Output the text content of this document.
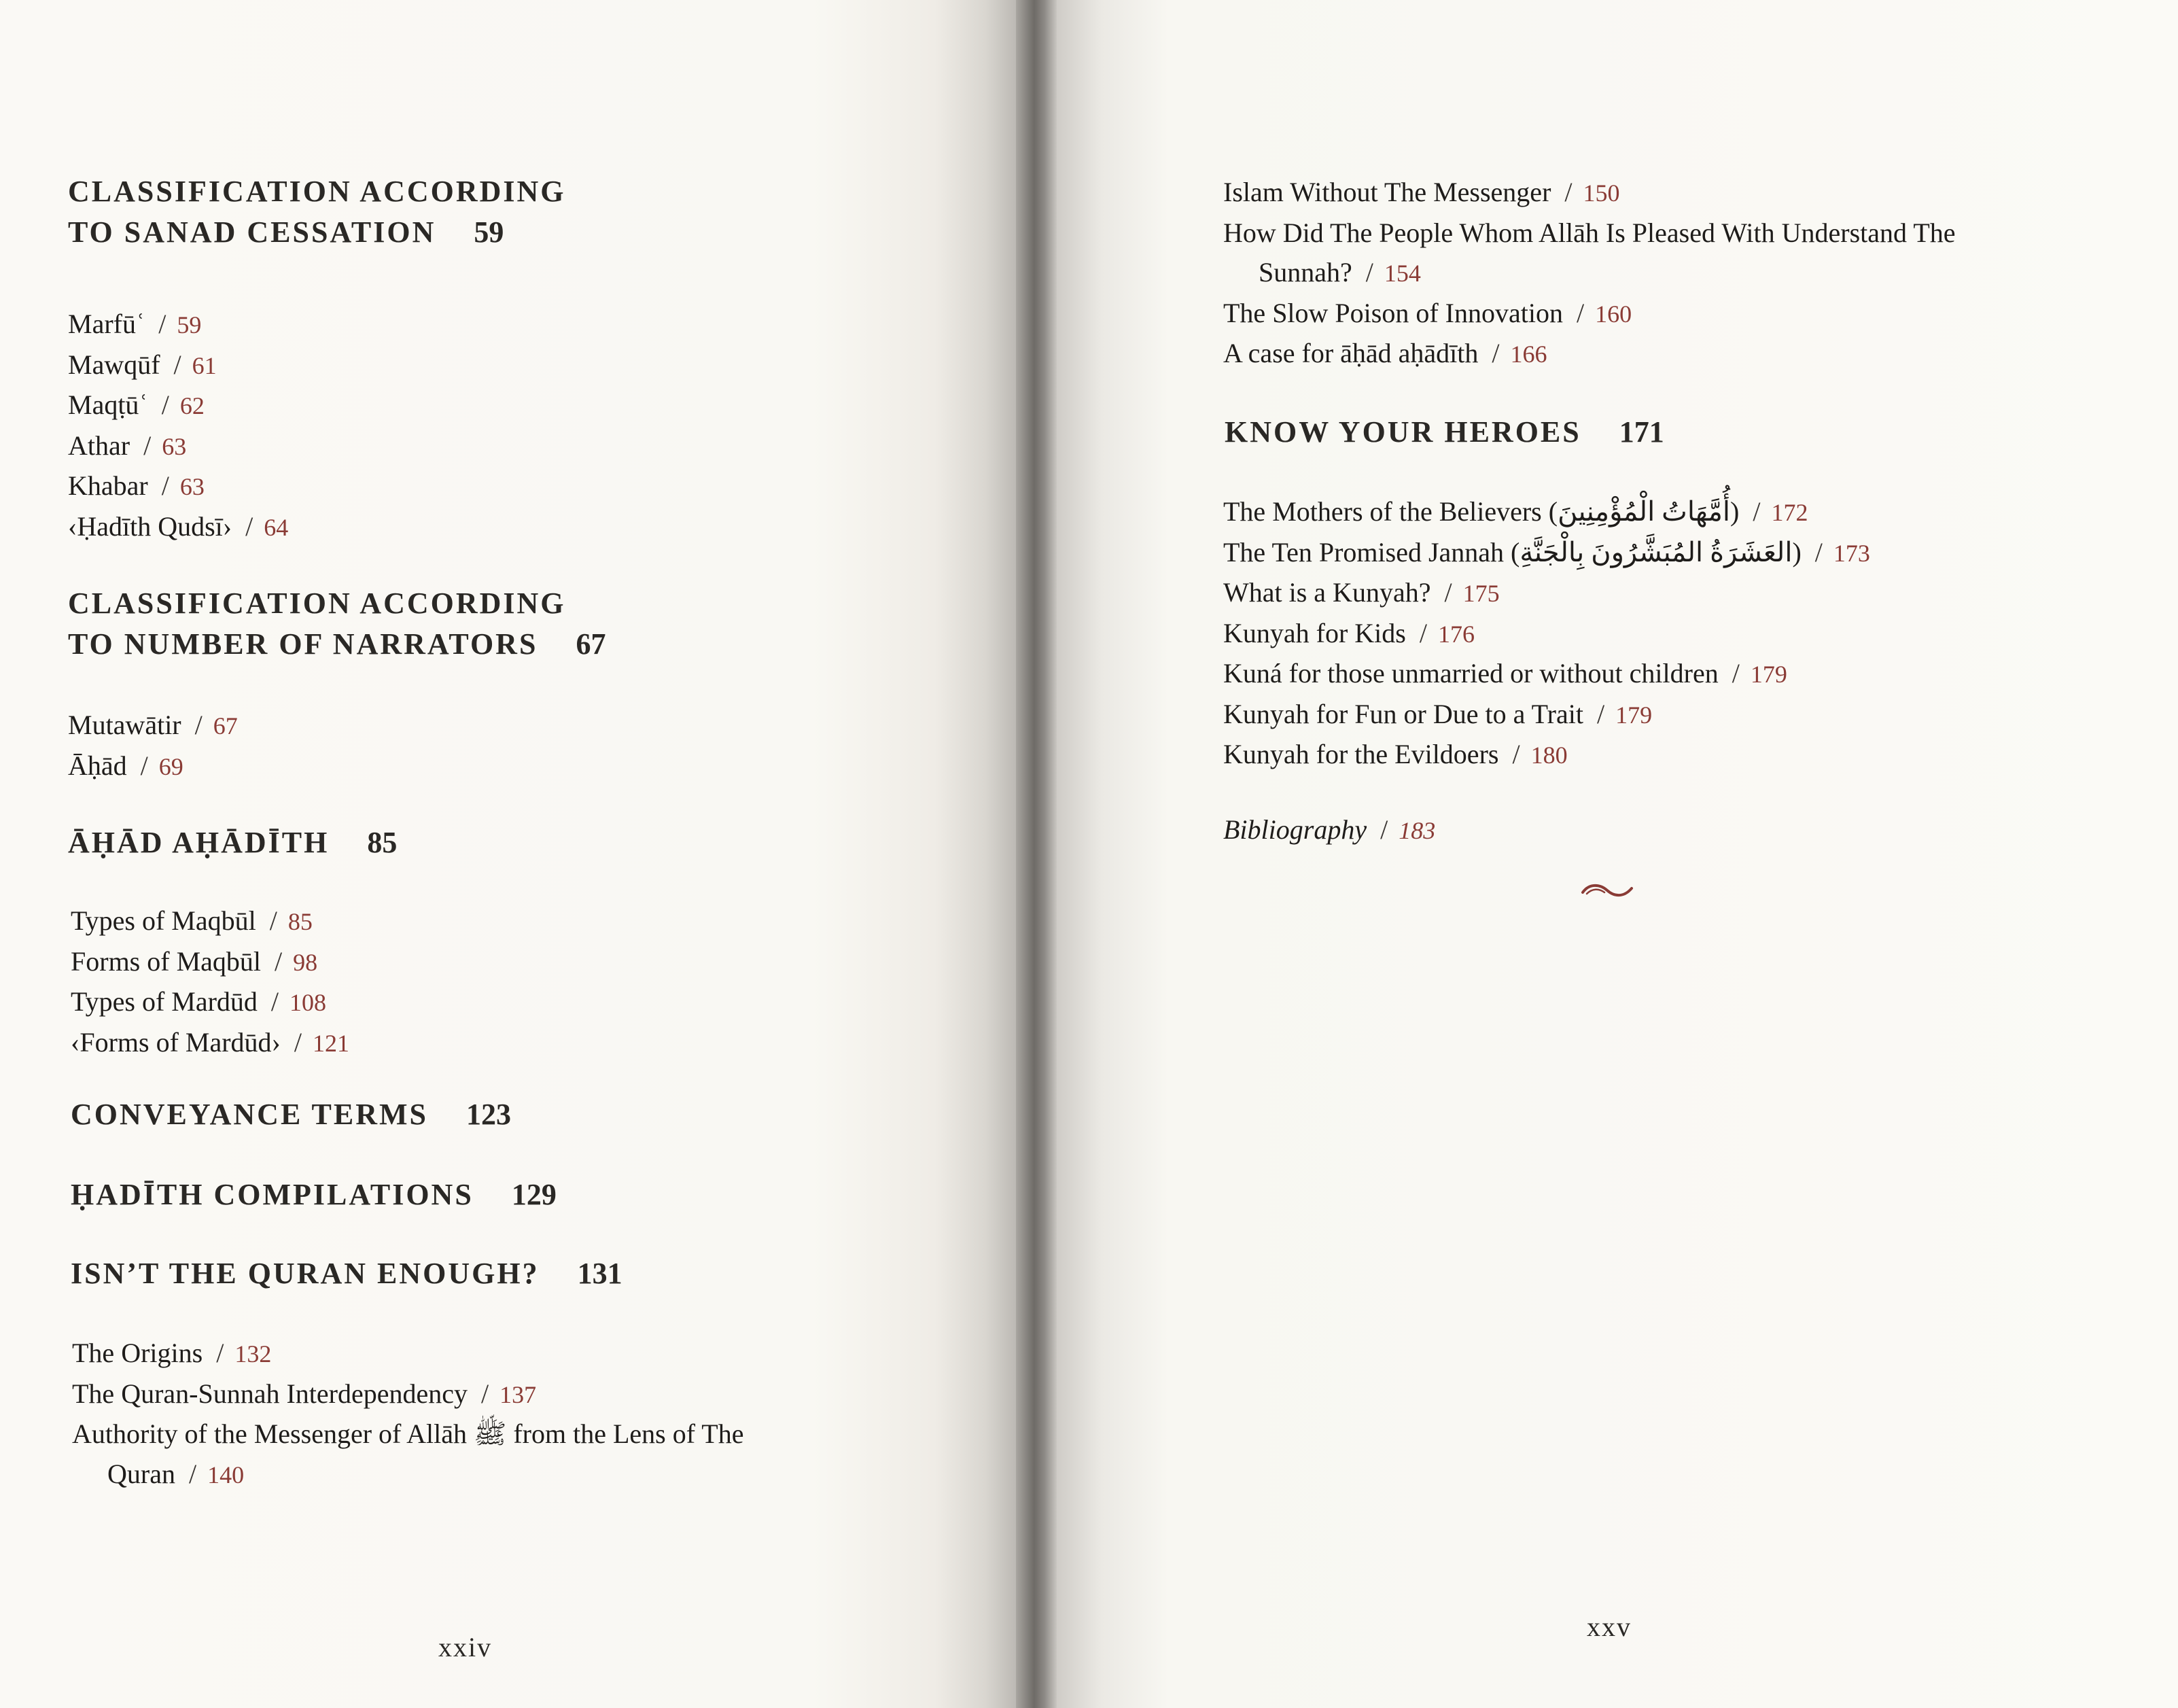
CLASSIFICATION ACCORDING
TO SANAD CESSATION 59
Marfūʿ / 59
Mawqūf / 61
Maqṭūʿ / 62
Athar / 63
Khabar / 63
‹Ḥadīth Qudsī› / 64
CLASSIFICATION ACCORDING
TO NUMBER OF NARRATORS 67
Mutawātir / 67
Āḥād / 69
ĀḤĀD AḤĀDĪTH 85
Types of Maqbūl / 85
Forms of Maqbūl / 98
Types of Mardūd / 108
‹Forms of Mardūd› / 121
CONVEYANCE TERMS 123
ḤADĪTH COMPILATIONS 129
ISN’T THE QURAN ENOUGH? 131
The Origins / 132
The Quran-Sunnah Interdependency / 137
Authority of the Messenger of Allāh ﷺ from the Lens of The
Quran / 140
xxiv
Islam Without The Messenger / 150
How Did The People Whom Allāh Is Pleased With Understand The
Sunnah? / 154
The Slow Poison of Innovation / 160
A case for āḥād aḥādīth / 166
KNOW YOUR HEROES 171
The Mothers of the Believers (أُمَّهَاتُ الْمُؤْمِنِينَ) / 172
The Ten Promised Jannah (العَشَرَةُ المُبَشَّرُونَ بِالْجَنَّةِ) / 173
What is a Kunyah? / 175
Kunyah for Kids / 176
Kuná for those unmarried or without children / 179
Kunyah for Fun or Due to a Trait / 179
Kunyah for the Evildoers / 180
Bibliography / 183
xxv
